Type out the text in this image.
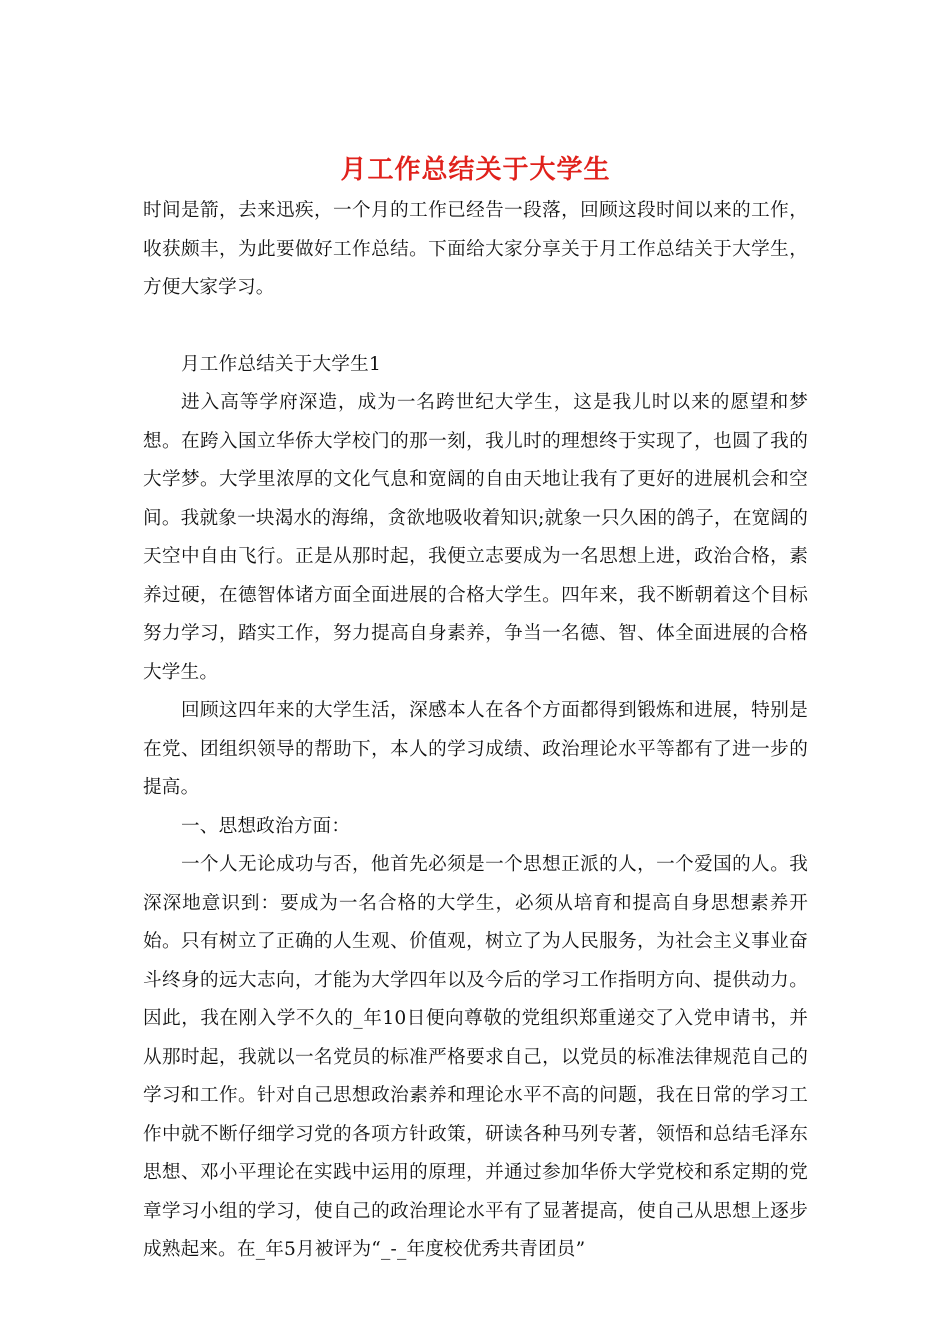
月工作总结关于大学生

时间是箭，去来迅疾，一个月的工作已经告一段落，回顾这段时间以来的工作，收获颇丰，为此要做好工作总结。下面给大家分享关于月工作总结关于大学生，方便大家学习。

月工作总结关于大学生1

进入高等学府深造，成为一名跨世纪大学生，这是我儿时以来的愿望和梦想。在跨入国立华侨大学校门的那一刻，我儿时的理想终于实现了，也圆了我的大学梦。大学里浓厚的文化气息和宽阔的自由天地让我有了更好的进展机会和空间。我就象一块渴水的海绵，贪欲地吸收着知识;就象一只久困的鸽子，在宽阔的天空中自由飞行。正是从那时起，我便立志要成为一名思想上进，政治合格，素养过硬，在德智体诸方面全面进展的合格大学生。四年来，我不断朝着这个目标努力学习，踏实工作，努力提高自身素养，争当一名德、智、体全面进展的合格大学生。

回顾这四年来的大学生活，深感本人在各个方面都得到锻炼和进展，特别是在党、团组织领导的帮助下，本人的学习成绩、政治理论水平等都有了进一步的提高。

一、思想政治方面：

一个人无论成功与否，他首先必须是一个思想正派的人，一个爱国的人。我深深地意识到：要成为一名合格的大学生，必须从培育和提高自身思想素养开始。只有树立了正确的人生观、价值观，树立了为人民服务，为社会主义事业奋斗终身的远大志向，才能为大学四年以及今后的学习工作指明方向、提供动力。因此，我在刚入学不久的_年10日便向尊敬的党组织郑重递交了入党申请书，并从那时起，我就以一名党员的标准严格要求自己，以党员的标准法律规范自己的学习和工作。针对自己思想政治素养和理论水平不高的问题，我在日常的学习工作中就不断仔细学习党的各项方针政策，研读各种马列专著，领悟和总结毛泽东思想、邓小平理论在实践中运用的原理，并通过参加华侨大学党校和系定期的党章学习小组的学习，使自己的政治理论水平有了显著提高，使自己从思想上逐步成熟起来。在_年5月被评为“_-_年度校优秀共青团员”
